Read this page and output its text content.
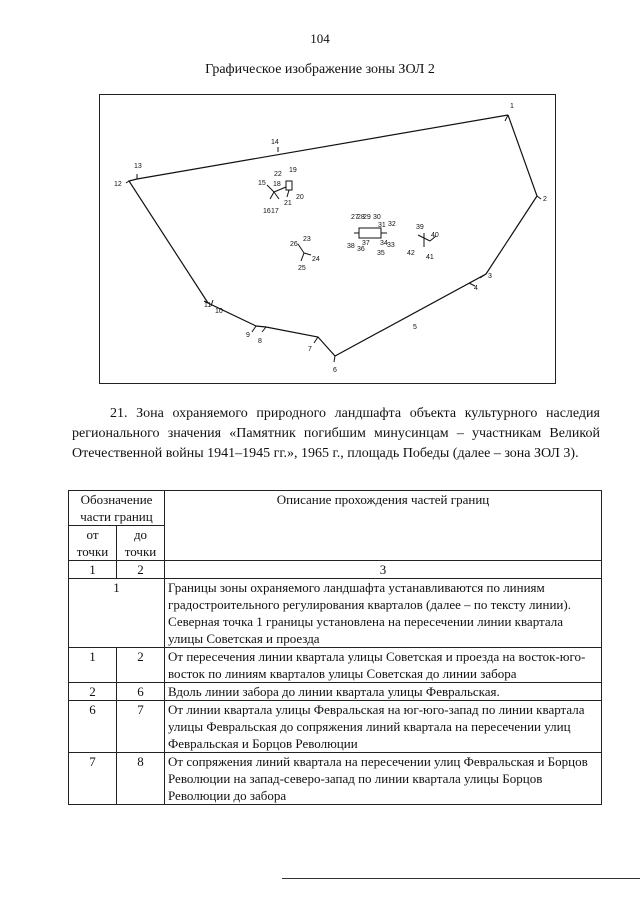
104
Графическое изображение зоны ЗОЛ 2
1
2
3
4
5
6
7
8
9
10
11
12
13
14
15
16 17
18
19
20
21
22
23
24
25
26
27
28
29 30
31 32
33
34
35
36
37
38
39
40
41
42
21. Зона охраняемого природного ландшафта объекта культурного наследия регионального значения «Памятник погибшим минусинцам – участникам Великой Отечественной войны 1941–1945 гг.», 1965 г., площадь Победы (далее – зона ЗОЛ 3).
Обозначение части границ		Описание прохождения частей границ
от точки	до точки	
1	2	3
1		Границы зоны охраняемого ландшафта устанавливаются по линиям градостроительного регулирования кварталов (далее – по тексту линии). Северная точка 1 границы установлена на пересечении линии квартала улицы Советская и проезда
1	2	От пересечения линии квартала улицы Советская и проезда на восток-юго-восток по линиям кварталов улицы Советская до линии забора
2	6	Вдоль линии забора до линии квартала улицы Февральская.
6	7	От линии квартала улицы Февральская на юг-юго-запад по линии квартала улицы Февральская до сопряжения линий квартала на пересечении улиц Февральская и Борцов Революции
7	8	От сопряжения линий квартала на пересечении улиц Февральская и Борцов Революции на запад-северо-запад по линии квартала улицы Борцов Революции до забора
